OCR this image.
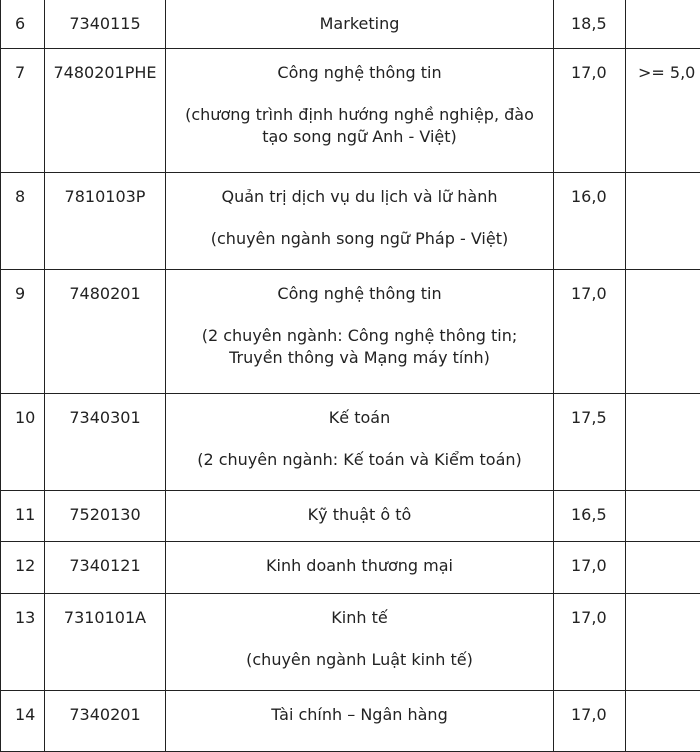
6	7340115	Marketing	18,5	

7	7480201PHE	Công nghệ thông tin
(chương trình định hướng nghề nghiệp, đào tạo song ngữ Anh - Việt)	17,0	>= 5,0

8	7810103P	Quản trị dịch vụ du lịch và lữ hành
(chuyên ngành song ngữ Pháp - Việt)	16,0	

9	7480201	Công nghệ thông tin
(2 chuyên ngành: Công nghệ thông tin; Truyền thông và Mạng máy tính)	17,0	

10	7340301	Kế toán
(2 chuyên ngành: Kế toán và Kiểm toán)	17,5	

11	7520130	Kỹ thuật ô tô	16,5	

12	7340121	Kinh doanh thương mại	17,0	

13	7310101A	Kinh tế
(chuyên ngành Luật kinh tế)	17,0	

14	7340201	Tài chính – Ngân hàng	17,0	
